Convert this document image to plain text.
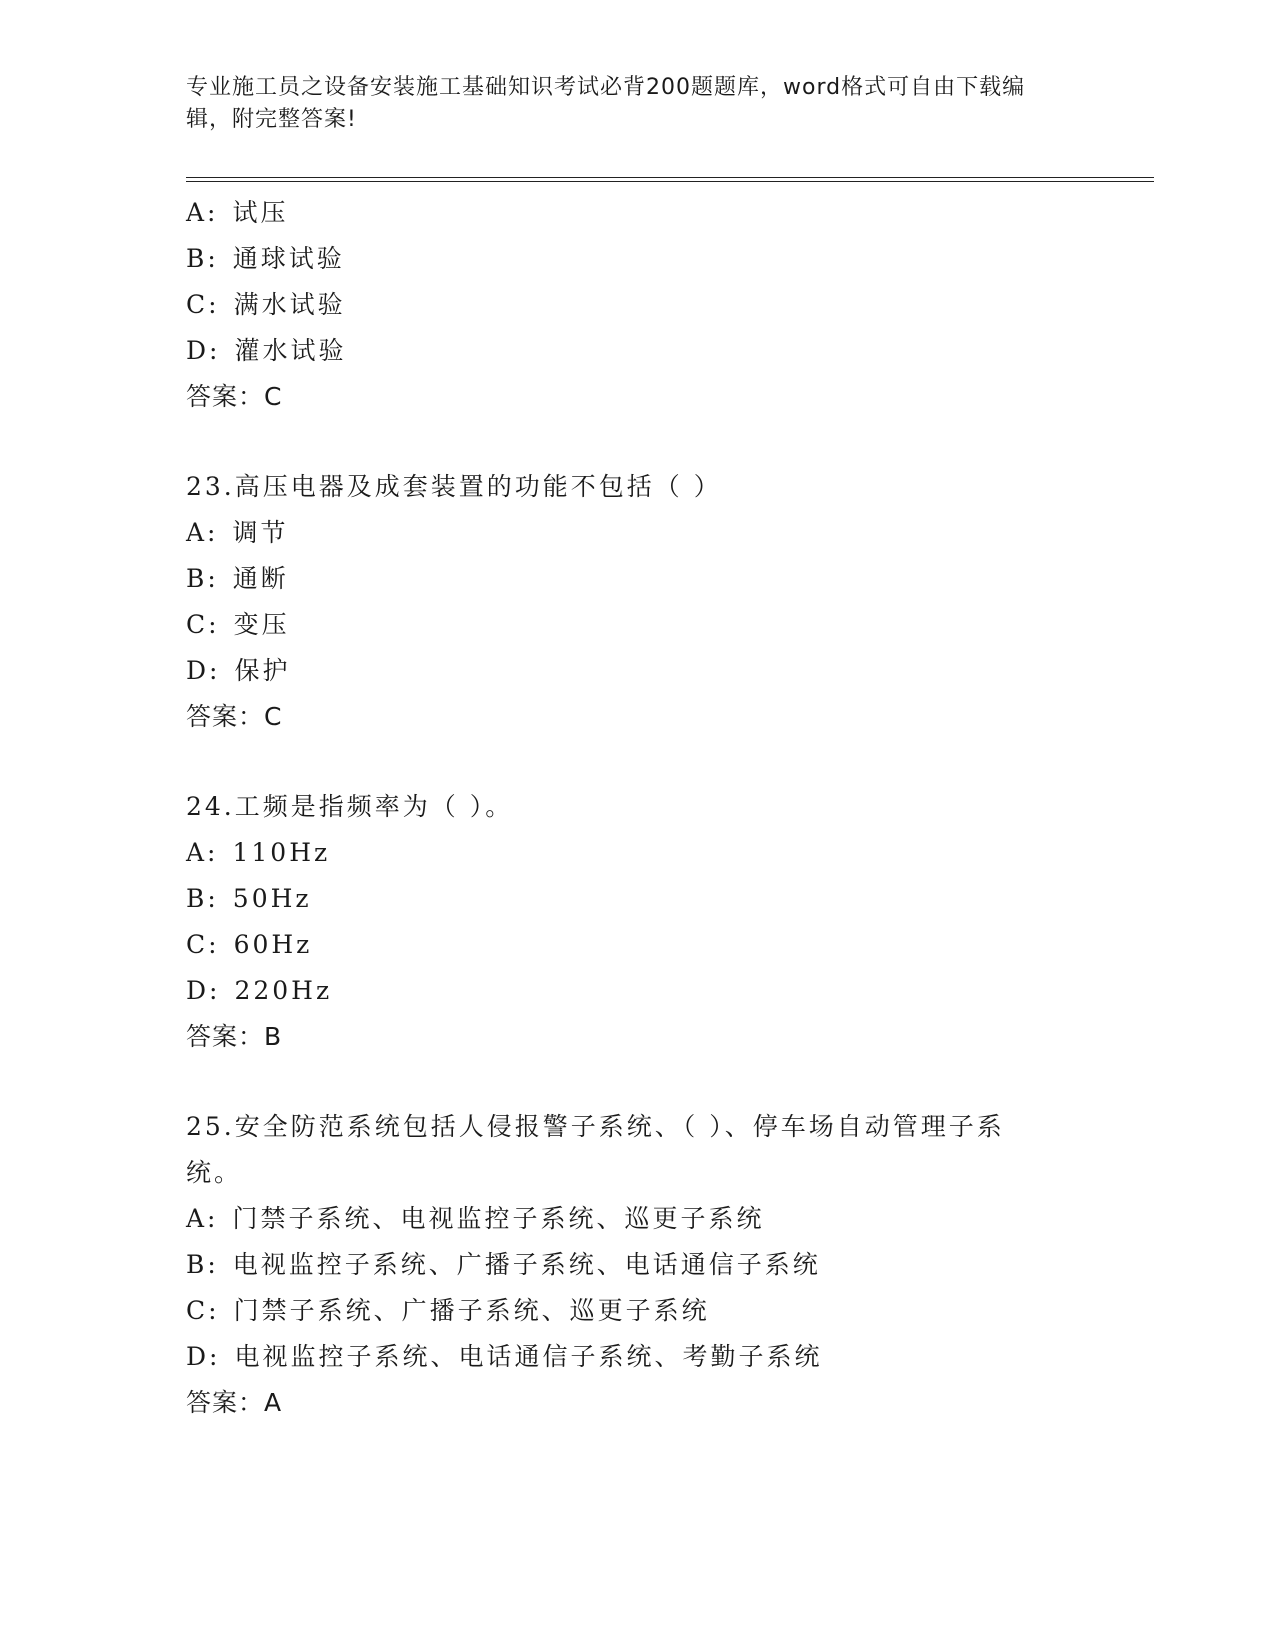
专业施工员之设备安装施工基础知识考试必背200题题库，word格式可自由下载编辑，附完整答案!
A: 试压
B: 通球试验
C: 满水试验
D: 灌水试验
答案：C
23.高压电器及成套装置的功能不包括（ ）
A: 调节
B: 通断
C: 变压
D: 保护
答案：C
24.工频是指频率为（ ）。
A: 110Hz
B: 50Hz
C: 60Hz
D: 220Hz
答案：B
25.安全防范系统包括人侵报警子系统、（ ）、停车场自动管理子系统。
A: 门禁子系统、电视监控子系统、巡更子系统
B: 电视监控子系统、广播子系统、电话通信子系统
C: 门禁子系统、广播子系统、巡更子系统
D: 电视监控子系统、电话通信子系统、考勤子系统
答案：A
